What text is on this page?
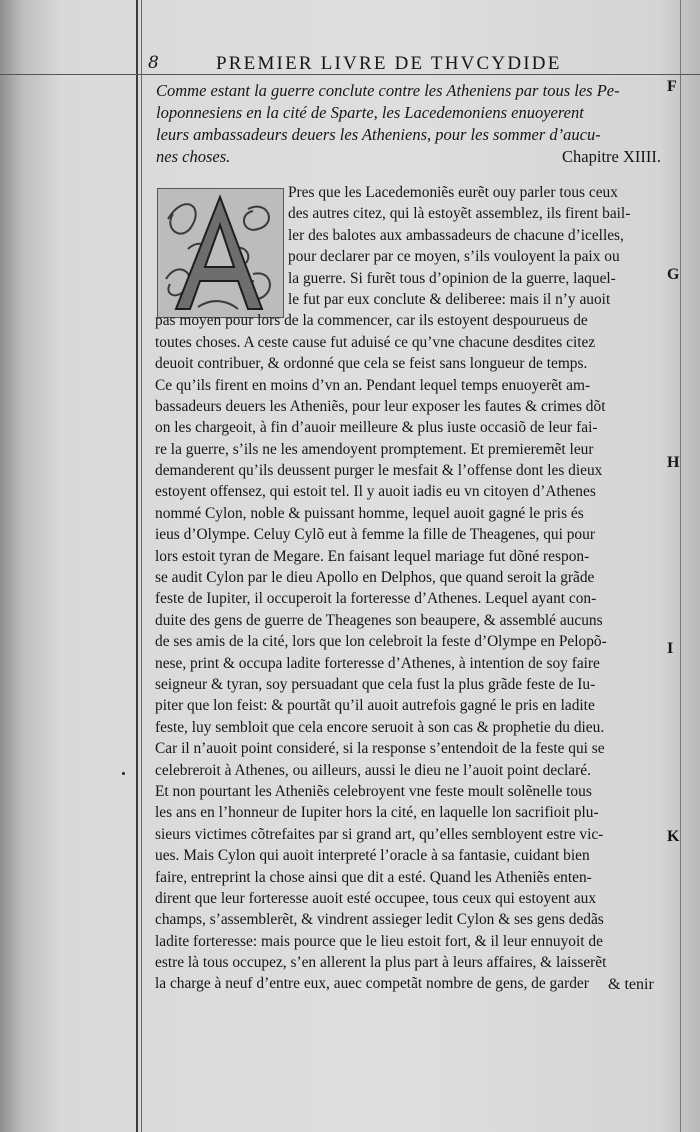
8	PREMIER LIVRE DE THVCYDIDE
F
G
H
I
K
Comme estant la guerre conclute contre les Atheniens par tous les Pe-
loponnesiens en la cité de Sparte, les Lacedemoniens enuoyerent
leurs ambassadeurs deuers les Atheniens, pour les sommer d’aucu-
nes choses.	Chapitre XIIII.
A
Pres que les Lacedemoniẽs eurẽt ouy parler tous ceux
des autres citez, qui là estoyẽt assemblez, ils firent bail-
ler des balotes aux ambassadeurs de chacune d’icelles,
pour declarer par ce moyen, s’ils vouloyent la paix ou
la guerre. Si furẽt tous d’opinion de la guerre, laquel-
le fut par eux conclute & deliberee: mais il n’y auoit
pas moyen pour lors de la commencer, car ils estoyent despourueus de
toutes choses. A ceste cause fut aduisé ce qu’vne chacune desdites citez
deuoit contribuer, & ordonné que cela se feist sans longueur de temps.
Ce qu’ils firent en moins d’vn an. Pendant lequel temps enuoyerẽt am-
bassadeurs deuers les Atheniẽs, pour leur exposer les fautes & crimes dõt
on les chargeoit, à fin d’auoir meilleure & plus iuste occasiõ de leur fai-
re la guerre, s’ils ne les amendoyent promptement. Et premieremẽt leur
demanderent qu’ils deussent purger le mesfait & l’offense dont les dieux
estoyent offensez, qui estoit tel. Il y auoit iadis eu vn citoyen d’Athenes
nommé Cylon, noble & puissant homme, lequel auoit gagné le pris és
ieus d’Olympe. Celuy Cylõ eut à femme la fille de Theagenes, qui pour
lors estoit tyran de Megare. En faisant lequel mariage fut dõné respon-
se audit Cylon par le dieu Apollo en Delphos, que quand seroit la grãde
feste de Iupiter, il occuperoit la forteresse d’Athenes. Lequel ayant con-
duite des gens de guerre de Theagenes son beaupere, & assemblé aucuns
de ses amis de la cité, lors que lon celebroit la feste d’Olympe en Pelopõ-
nese, print & occupa ladite forteresse d’Athenes, à intention de soy faire
seigneur & tyran, soy persuadant que cela fust la plus grãde feste de Iu-
piter que lon feist: & pourtãt qu’il auoit autrefois gagné le pris en ladite
feste, luy sembloit que cela encore seruoit à son cas & prophetie du dieu.
Car il n’auoit point consideré, si la response s’entendoit de la feste qui se
celebreroit à Athenes, ou ailleurs, aussi le dieu ne l’auoit point declaré.
Et non pourtant les Atheniẽs celebroyent vne feste moult solẽnelle tous
les ans en l’honneur de Iupiter hors la cité, en laquelle lon sacrifioit plu-
sieurs victimes cõtrefaites par si grand art, qu’elles sembloyent estre vic-
ues. Mais Cylon qui auoit interpreté l’oracle à sa fantasie, cuidant bien
faire, entreprint la chose ainsi que dit a esté. Quand les Atheniẽs enten-
dirent que leur forteresse auoit esté occupee, tous ceux qui estoyent aux
champs, s’assemblerẽt, & vindrent assieger ledit Cylon & ses gens dedãs
ladite forteresse: mais pource que le lieu estoit fort, & il leur ennuyoit de
estre là tous occupez, s’en allerent la plus part à leurs affaires, & laisserẽt
la charge à neuf d’entre eux, auec competãt nombre de gens, de garder	& tenir
